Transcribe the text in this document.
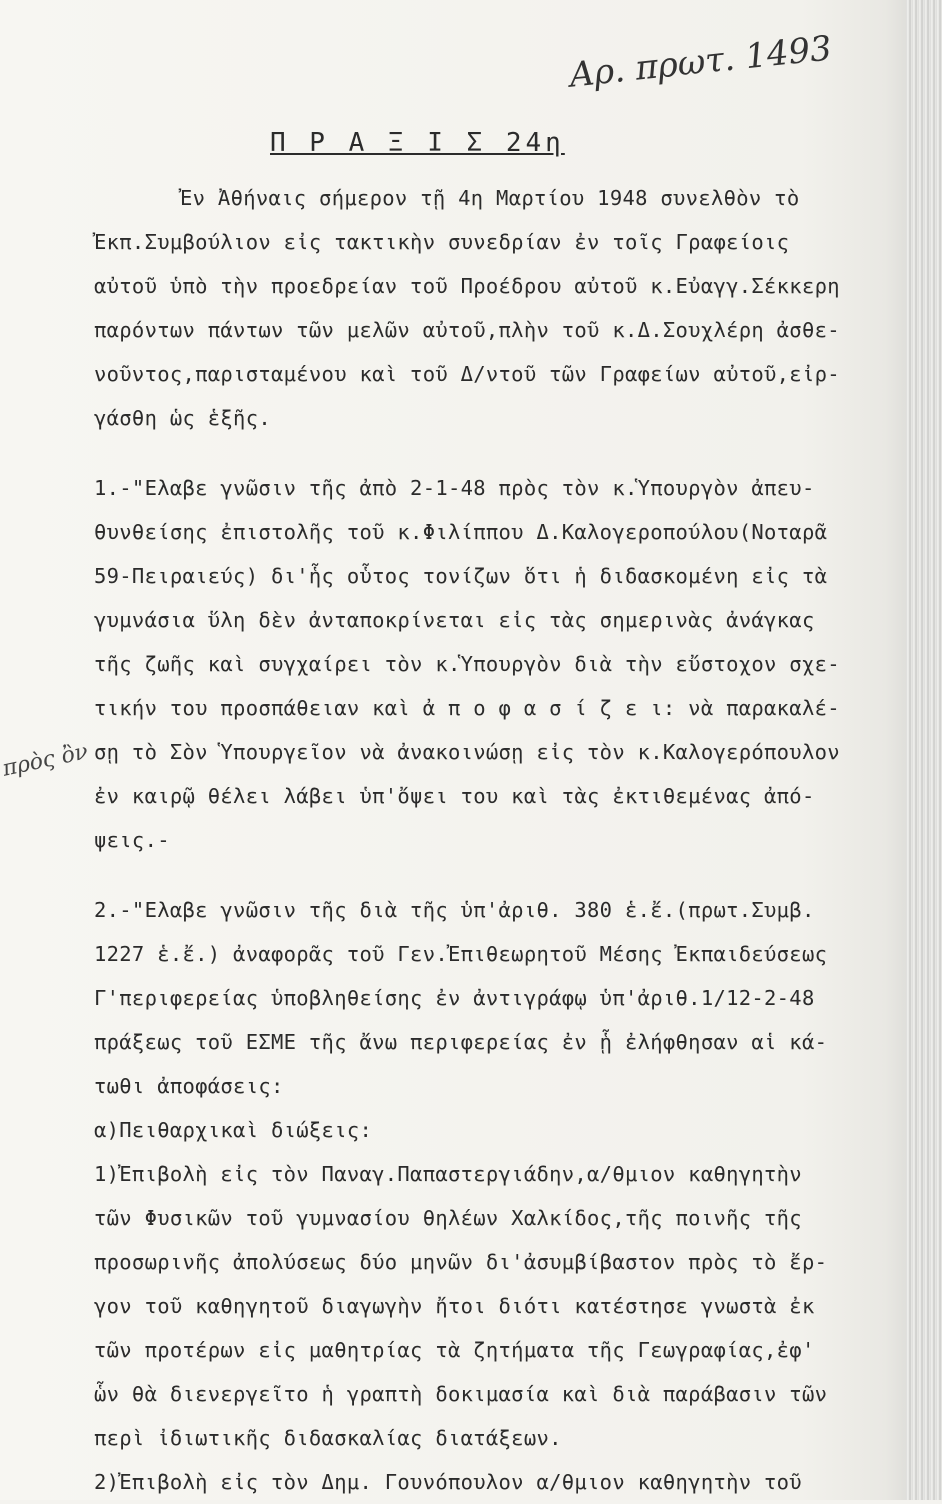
Αρ. πρωτ. 1493
πρὸς ὂν
Π Ρ Α Ξ Ι Σ 24η
Ἐν Ἀθήναις σήμερον τῇ 4η Μαρτίου 1948 συνελθὸν τὸ
Ἐκπ.Συμβούλιον εἰς τακτικὴν συνεδρίαν ἐν τοῖς Γραφείοις
αὐτοῦ ὑπὸ τὴν προεδρείαν τοῦ Προέδρου αὐτοῦ κ.Εὐαγγ.Σέκκερη
παρόντων πάντων τῶν μελῶν αὐτοῦ,πλὴν τοῦ κ.Δ.Σουχλέρη ἀσθε-
νοῦντος,παρισταμένου καὶ τοῦ Δ/ντοῦ τῶν Γραφείων αὐτοῦ,εἰρ-
γάσθη ὡς ἑξῆς.
1.-"Ελαβε γνῶσιν τῆς ἀπὸ 2-1-48 πρὸς τὸν κ.Ὑπουργὸν ἀπευ-
θυνθείσης ἐπιστολῆς τοῦ κ.Φιλίππου Δ.Καλογεροπούλου(Νοταρᾶ
59-Πειραιεύς) δι'ἧς οὗτος τονίζων ὅτι ἡ διδασκομένη εἰς τὰ
γυμνάσια ὕλη δὲν ἀνταποκρίνεται εἰς τὰς σημερινὰς ἀνάγκας
τῆς ζωῆς καὶ συγχαίρει τὸν κ.Ὑπουργὸν διὰ τὴν εὔστοχον σχε-
τικήν του προσπάθειαν καὶ ἀ π ο φ α σ ί ζ ε ι: νὰ παρακαλέ-
σῃ τὸ Σὸν Ὑπουργεῖον νὰ ἀνακοινώσῃ εἰς τὸν κ.Καλογερόπουλον
ἐν καιρῷ θέλει λάβει ὑπ'ὄψει του καὶ τὰς ἐκτιθεμένας ἀπό-
ψεις.-
2.-"Ελαβε γνῶσιν τῆς διὰ τῆς ὑπ'ἀριθ. 380 ἑ.ἔ.(πρωτ.Συμβ.
1227 ἑ.ἔ.) ἀναφορᾶς τοῦ Γεν.Ἐπιθεωρητοῦ Μέσης Ἐκπαιδεύσεως
Γ'περιφερείας ὑποβληθείσης ἐν ἀντιγράφῳ ὑπ'ἀριθ.1/12-2-48
πράξεως τοῦ ΕΣΜΕ τῆς ἄνω περιφερείας ἐν ᾗ ἐλήφθησαν αἱ κά-
τωθι ἀποφάσεις:
α)Πειθαρχικαὶ διώξεις:
1)Ἐπιβολὴ εἰς τὸν Παναγ.Παπαστεργιάδην,α/θμιον καθηγητὴν
τῶν Φυσικῶν τοῦ γυμνασίου θηλέων Χαλκίδος,τῆς ποινῆς τῆς
προσωρινῆς ἀπολύσεως δύο μηνῶν δι'ἀσυμβίβαστον πρὸς τὸ ἔρ-
γον τοῦ καθηγητοῦ διαγωγὴν ἤτοι διότι κατέστησε γνωστὰ ἐκ
τῶν προτέρων εἰς μαθητρίας τὰ ζητήματα τῆς Γεωγραφίας,ἐφ'
ὧν θὰ διενεργεῖτο ἡ γραπτὴ δοκιμασία καὶ διὰ παράβασιν τῶν
περὶ ἰδιωτικῆς διδασκαλίας διατάξεων.
2)Ἐπιβολὴ εἰς τὸν Δημ. Γουνόπουλον α/θμιον καθηγητὴν τοῦ
